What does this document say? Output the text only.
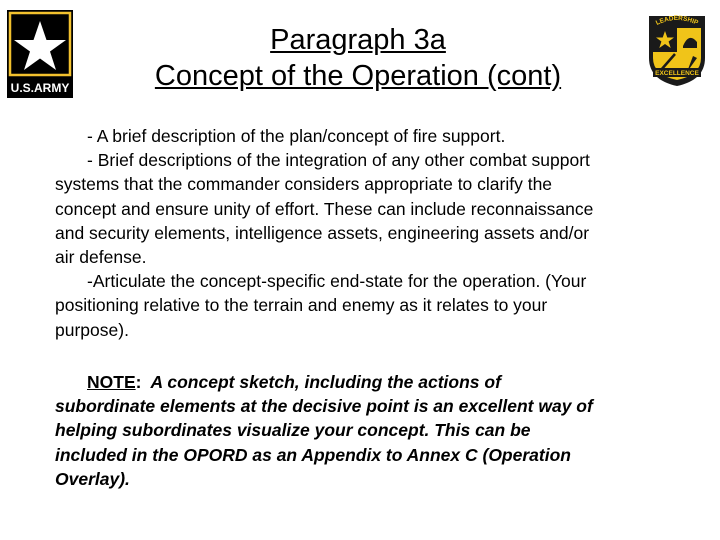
U.S.ARMY
Paragraph 3a
Concept of the Operation (cont)
LEADERSHIP
EXCELLENCE

- A brief description of the plan/concept of fire support.

- Brief descriptions of the integration of any other combat support

systems that the commander considers appropriate to clarify the

concept and ensure unity of effort. These can include reconnaissance

and security elements, intelligence assets, engineering assets and/or

air defense.

-Articulate the concept-specific end-state for the operation. (Your

positioning relative to the terrain and enemy as it relates to your

purpose).

NOTE:  A concept sketch, including the actions of

subordinate elements at the decisive point is an excellent way of

helping subordinates visualize your concept. This can be

included in the OPORD as an Appendix to Annex C (Operation

Overlay).
